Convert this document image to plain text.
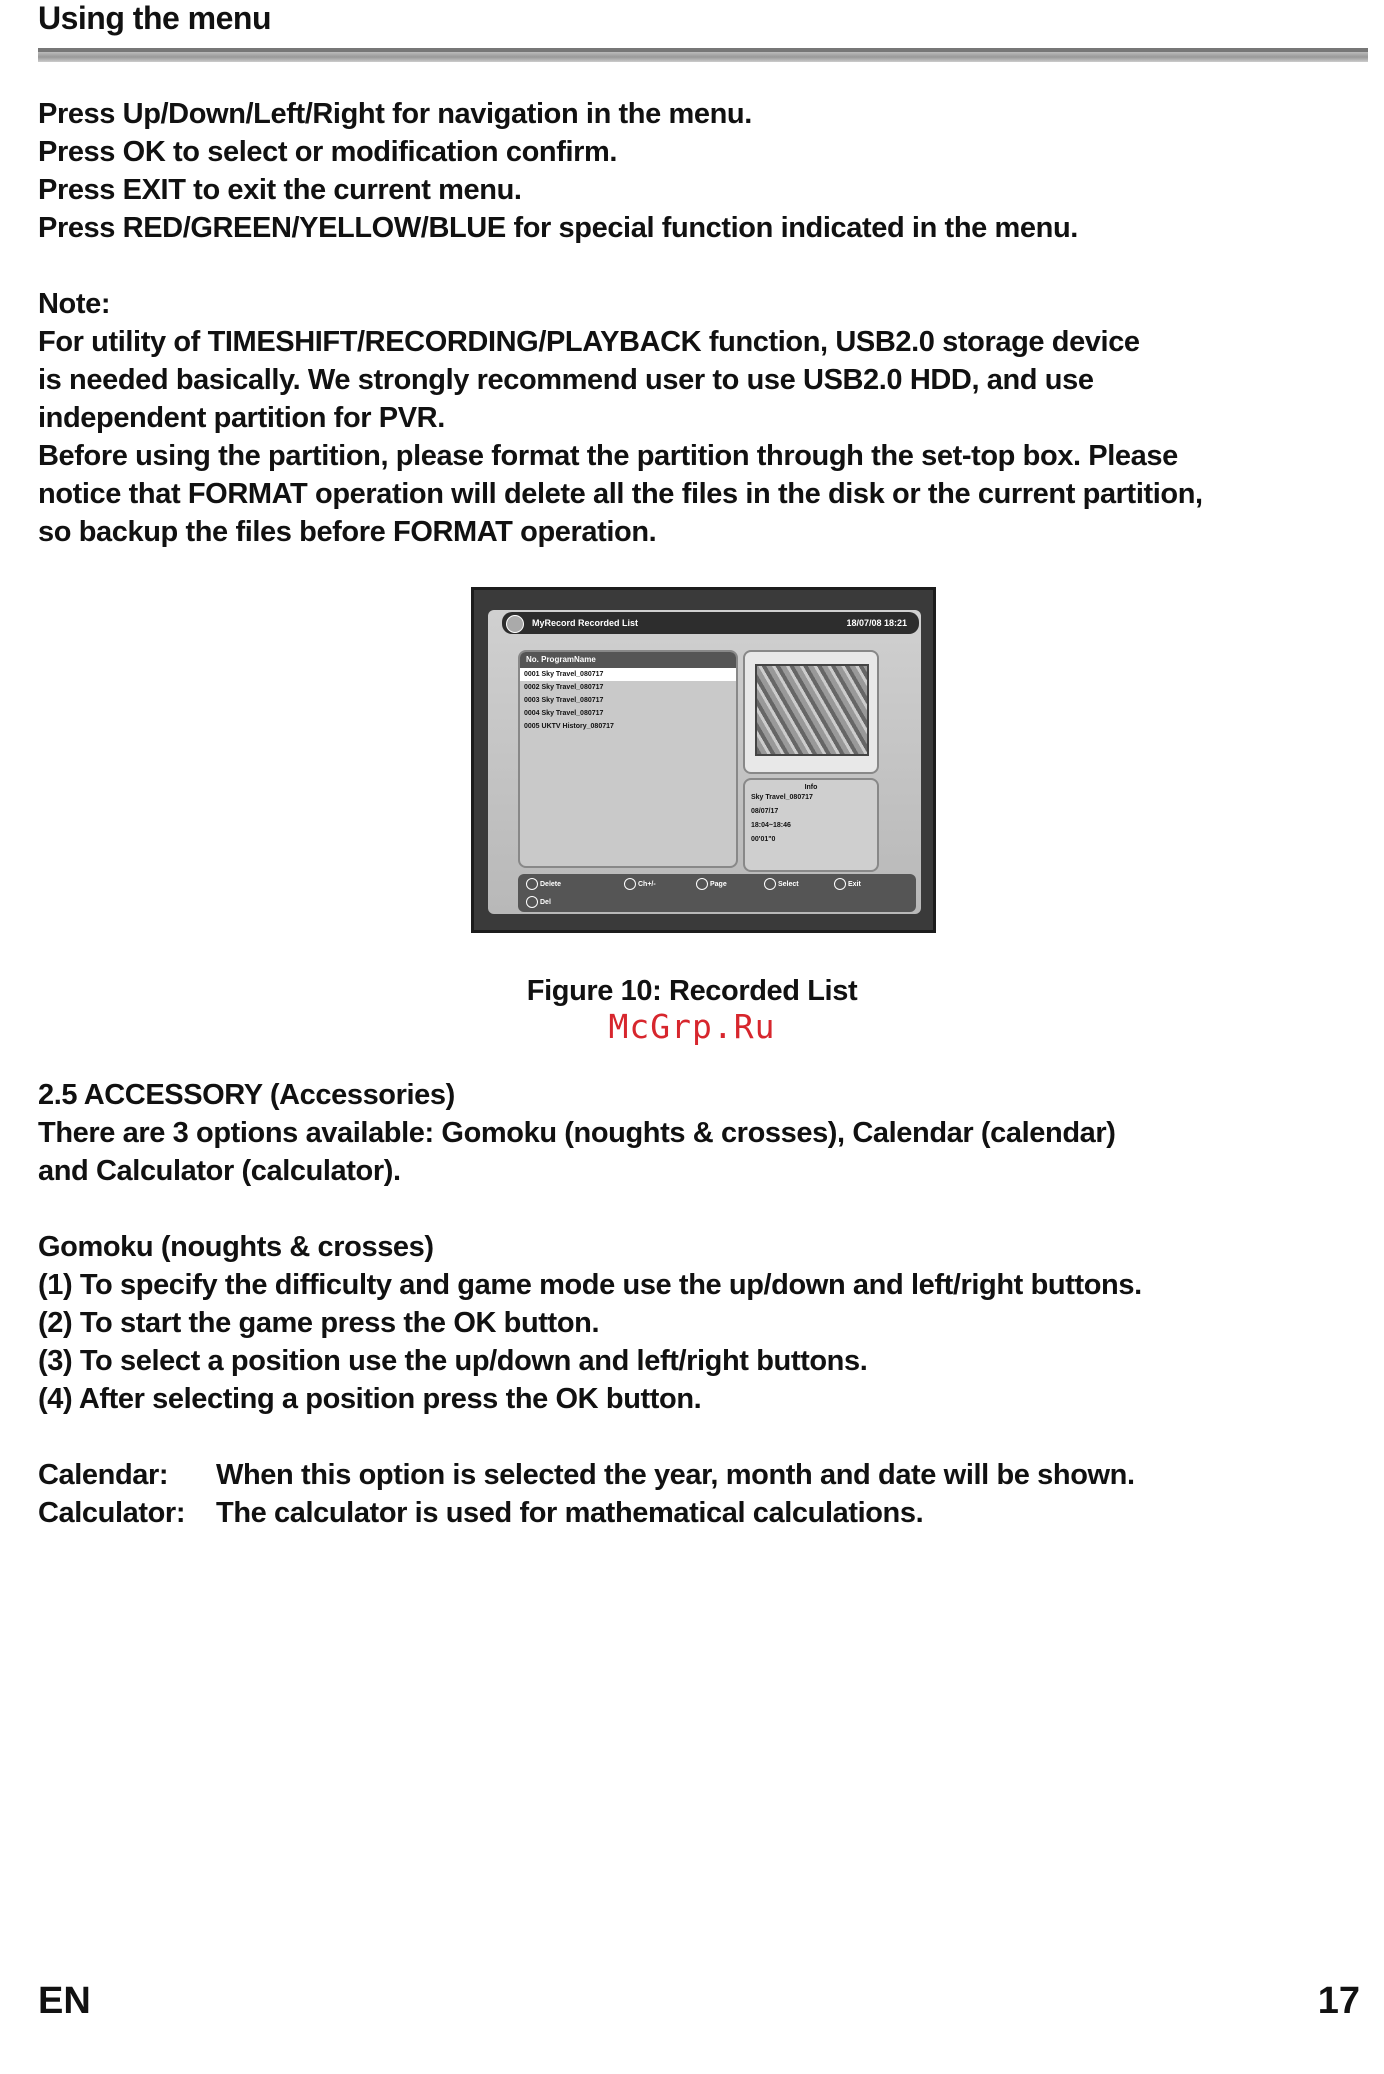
Using the menu

Press Up/Down/Left/Right for navigation in the menu.

Press OK to select or modification confirm.

Press EXIT to exit the current menu.

Press RED/GREEN/YELLOW/BLUE for special function indicated in the menu.

Note:

For utility of TIMESHIFT/RECORDING/PLAYBACK function, USB2.0 storage device

is needed basically. We strongly recommend user to use USB2.0 HDD, and use

independent partition for PVR.

Before using the partition, please format the partition through the set-top box. Please

notice that FORMAT operation will delete all the files in the disk or the current partition,

so backup the files before FORMAT operation.

MyRecord Recorded List	18/07/08 18:21
No. ProgramName
0001 Sky Travel_080717
0002 Sky Travel_080717
0003 Sky Travel_080717
0004 Sky Travel_080717
0005 UKTV History_080717
Info
Sky Travel_080717
08/07/17
18:04~18:46
00'01"0
Delete	Ch+/-	Page	Select	Exit
Del
Figure 10: Recorded List
McGrp.Ru

2.5 ACCESSORY (Accessories)

There are 3 options available: Gomoku (noughts & crosses), Calendar (calendar)

and Calculator (calculator).

Gomoku (noughts & crosses)

(1) To specify the difficulty and game mode use the up/down and left/right buttons.

(2) To start the game press the OK button.

(3) To select a position use the up/down and left/right buttons.

(4) After selecting a position press the OK button.

Calendar:	When this option is selected the year, month and date will be shown.
Calculator:	The calculator is used for mathematical calculations.
EN	17
